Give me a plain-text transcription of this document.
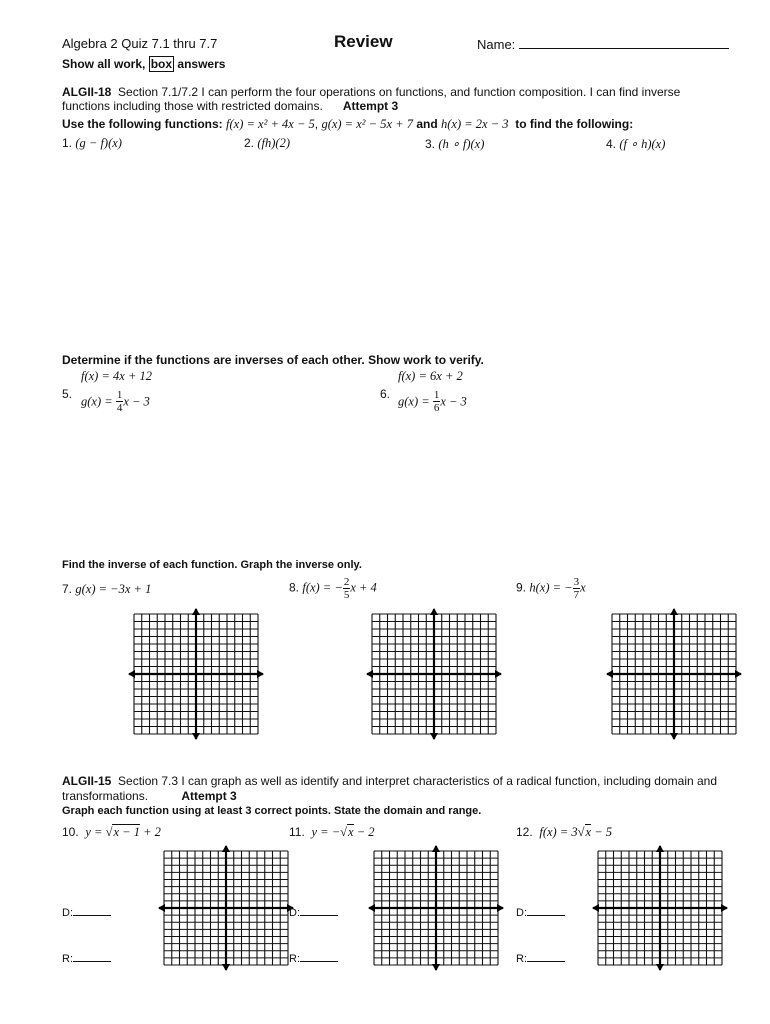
Algebra 2 Quiz 7.1 thru 7.7	Review	Name:
Show all work, box answers
ALGII-18 Section 7.1/7.2 I can perform the four operations on functions, and function composition. I can find inverse
functions including those with restricted domains. Attempt 3
Use the following functions: f(x) = x² + 4x − 5, g(x) = x² − 5x + 7 and h(x) = 2x − 3 to find the following:
1. (g − f)(x)	2. (fh)(2)	3. (h ∘ f)(x)	4. (f ∘ h)(x)
Determine if the functions are inverses of each other. Show work to verify.
f(x) = 4x + 12
5.
$g(x) = \frac{1}{4}$ x − 3
f(x) = 6x + 2
6.
$g(x) = \frac{1}{6}$ x − 3
Find the inverse of each function. Graph the inverse only.
7. g(x) = −3x + 1	8. f(x) = − $\frac{2}{5}$ x + 4	9. h(x) = − $\frac{3}{7}$ x
ALGII-15 Section 7.3 I can graph as well as identify and interpret characteristics of a radical function, including domain and
transformations.	Attempt 3
Graph each function using at least 3 correct points. State the domain and range.
10. y = √x − 1 + 2	11. y = −√x − 2	12. f(x) = 3√x − 5
D:
R:
D:
R:
D:
R:
